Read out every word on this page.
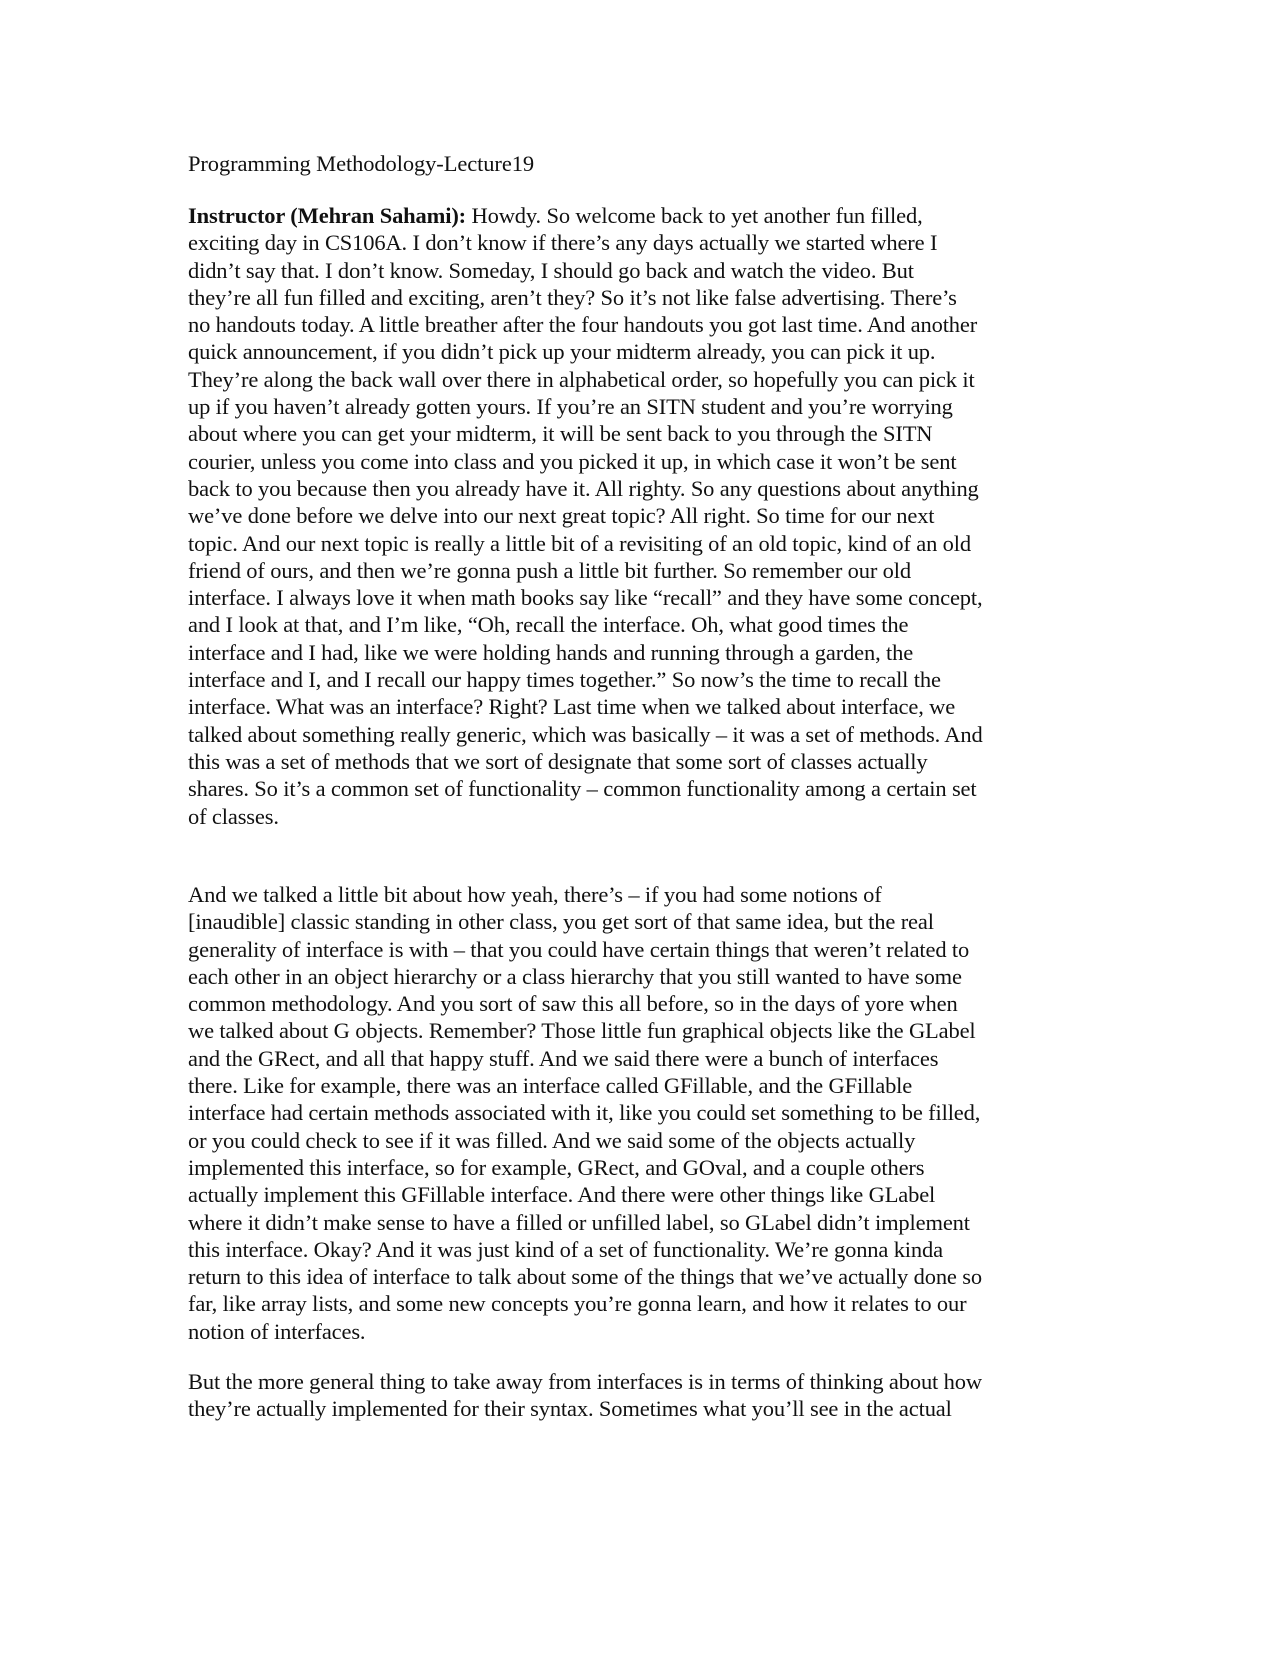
Programming Methodology-Lecture19
Instructor (Mehran Sahami): Howdy. So welcome back to yet another fun filled,
exciting day in CS106A. I don’t know if there’s any days actually we started where I
didn’t say that. I don’t know. Someday, I should go back and watch the video. But
they’re all fun filled and exciting, aren’t they? So it’s not like false advertising. There’s
no handouts today. A little breather after the four handouts you got last time. And another
quick announcement, if you didn’t pick up your midterm already, you can pick it up.
They’re along the back wall over there in alphabetical order, so hopefully you can pick it
up if you haven’t already gotten yours. If you’re an SITN student and you’re worrying
about where you can get your midterm, it will be sent back to you through the SITN
courier, unless you come into class and you picked it up, in which case it won’t be sent
back to you because then you already have it. All righty. So any questions about anything
we’ve done before we delve into our next great topic? All right. So time for our next
topic. And our next topic is really a little bit of a revisiting of an old topic, kind of an old
friend of ours, and then we’re gonna push a little bit further. So remember our old
interface. I always love it when math books say like “recall” and they have some concept,
and I look at that, and I’m like, “Oh, recall the interface. Oh, what good times the
interface and I had, like we were holding hands and running through a garden, the
interface and I, and I recall our happy times together.” So now’s the time to recall the
interface. What was an interface? Right? Last time when we talked about interface, we
talked about something really generic, which was basically – it was a set of methods. And
this was a set of methods that we sort of designate that some sort of classes actually
shares. So it’s a common set of functionality – common functionality among a certain set
of classes.
And we talked a little bit about how yeah, there’s – if you had some notions of
[inaudible] classic standing in other class, you get sort of that same idea, but the real
generality of interface is with – that you could have certain things that weren’t related to
each other in an object hierarchy or a class hierarchy that you still wanted to have some
common methodology. And you sort of saw this all before, so in the days of yore when
we talked about G objects. Remember? Those little fun graphical objects like the GLabel
and the GRect, and all that happy stuff. And we said there were a bunch of interfaces
there. Like for example, there was an interface called GFillable, and the GFillable
interface had certain methods associated with it, like you could set something to be filled,
or you could check to see if it was filled. And we said some of the objects actually
implemented this interface, so for example, GRect, and GOval, and a couple others
actually implement this GFillable interface. And there were other things like GLabel
where it didn’t make sense to have a filled or unfilled label, so GLabel didn’t implement
this interface. Okay? And it was just kind of a set of functionality. We’re gonna kinda
return to this idea of interface to talk about some of the things that we’ve actually done so
far, like array lists, and some new concepts you’re gonna learn, and how it relates to our
notion of interfaces.
But the more general thing to take away from interfaces is in terms of thinking about how
they’re actually implemented for their syntax. Sometimes what you’ll see in the actual
